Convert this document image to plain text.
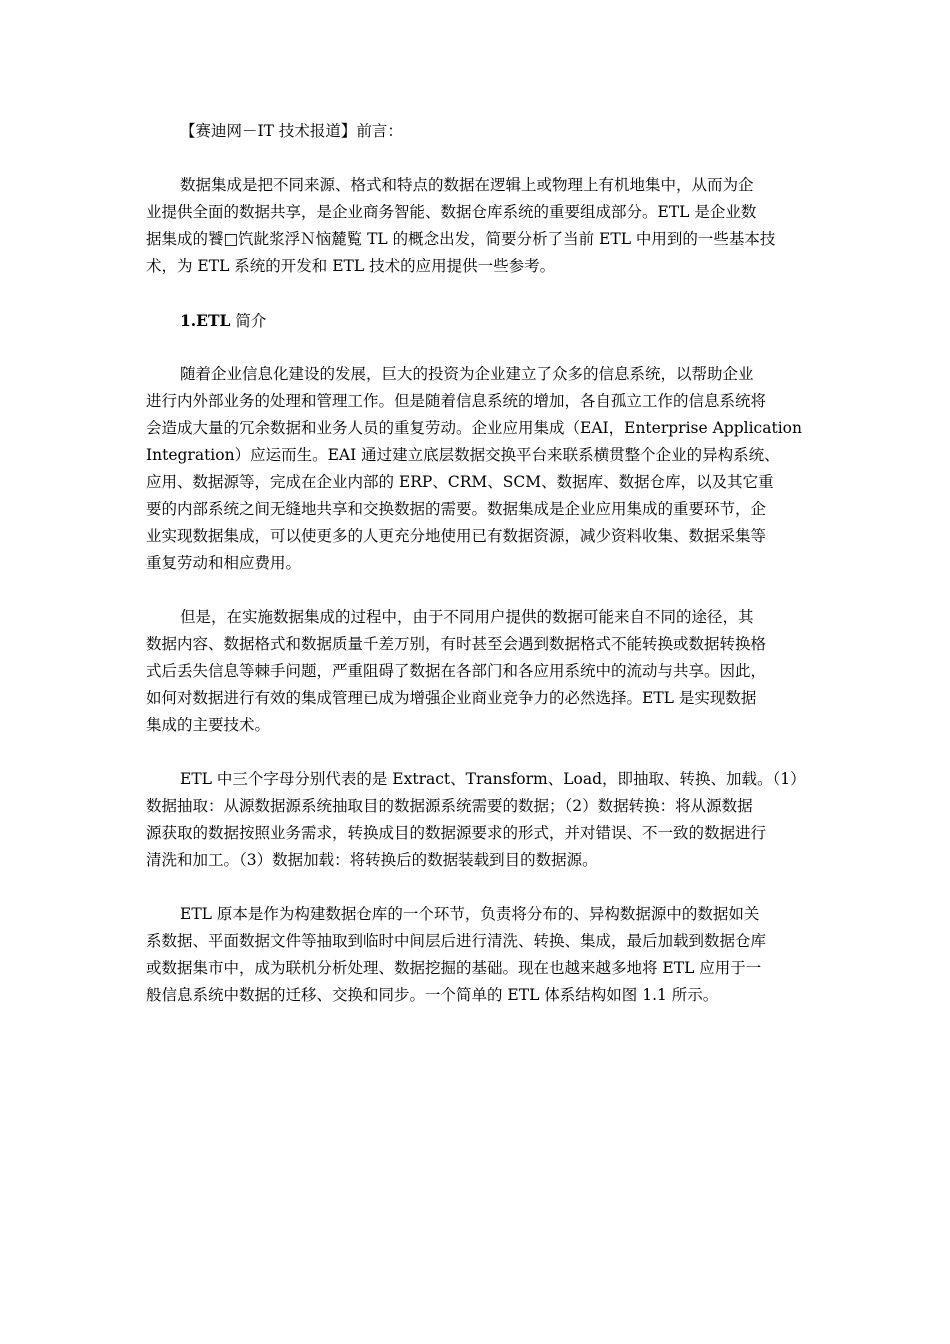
【赛迪网－IT 技术报道】前言：
数据集成是把不同来源、格式和特点的数据在逻辑上或物理上有机地集中，从而为企
业提供全面的数据共享，是企业商务智能、数据仓库系统的重要组成部分。ETL 是企业数
据集成的饕□饩龀浆浮Ｎ恼麓覧 TL 的概念出发，简要分析了当前 ETL 中用到的一些基本技
术，为 ETL 系统的开发和 ETL 技术的应用提供一些参考。
1.ETL 简介
随着企业信息化建设的发展，巨大的投资为企业建立了众多的信息系统，以帮助企业
进行内外部业务的处理和管理工作。但是随着信息系统的增加，各自孤立工作的信息系统将
会造成大量的冗余数据和业务人员的重复劳动。企业应用集成（EAI，Enterprise Application
Integration）应运而生。EAI 通过建立底层数据交换平台来联系横贯整个企业的异构系统、
应用、数据源等，完成在企业内部的 ERP、CRM、SCM、数据库、数据仓库，以及其它重
要的内部系统之间无缝地共享和交换数据的需要。数据集成是企业应用集成的重要环节，企
业实现数据集成，可以使更多的人更充分地使用已有数据资源，减少资料收集、数据采集等
重复劳动和相应费用。
但是，在实施数据集成的过程中，由于不同用户提供的数据可能来自不同的途径，其
数据内容、数据格式和数据质量千差万别，有时甚至会遇到数据格式不能转换或数据转换格
式后丢失信息等棘手问题，严重阻碍了数据在各部门和各应用系统中的流动与共享。因此，
如何对数据进行有效的集成管理已成为增强企业商业竞争力的必然选择。ETL 是实现数据
集成的主要技术。
ETL 中三个字母分别代表的是 Extract、Transform、Load，即抽取、转换、加载。（1）
数据抽取：从源数据源系统抽取目的数据源系统需要的数据；（2）数据转换：将从源数据
源获取的数据按照业务需求，转换成目的数据源要求的形式，并对错误、不一致的数据进行
清洗和加工。（3）数据加载：将转换后的数据装载到目的数据源。
ETL 原本是作为构建数据仓库的一个环节，负责将分布的、异构数据源中的数据如关
系数据、平面数据文件等抽取到临时中间层后进行清洗、转换、集成，最后加载到数据仓库
或数据集市中，成为联机分析处理、数据挖掘的基础。现在也越来越多地将 ETL 应用于一
般信息系统中数据的迁移、交换和同步。一个简单的 ETL 体系结构如图 1.1 所示。
